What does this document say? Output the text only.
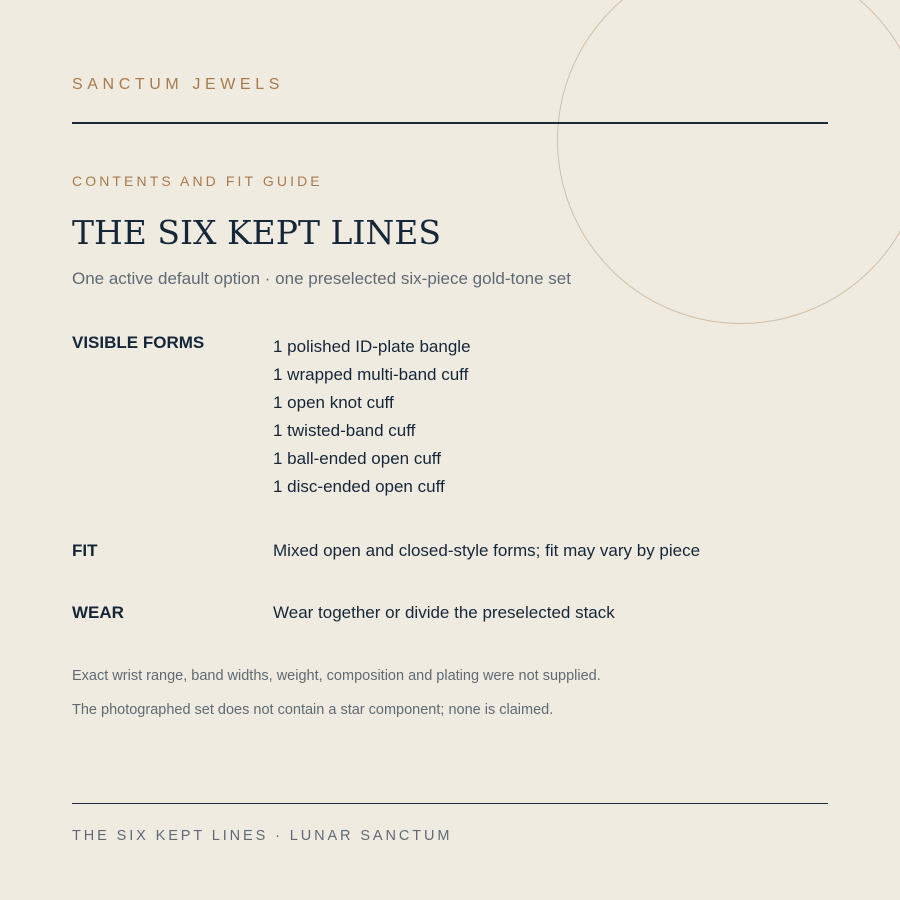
SANCTUM JEWELS
CONTENTS AND FIT GUIDE
THE SIX KEPT LINES
One active default option · one preselected six-piece gold-tone set
VISIBLE FORMS	1 polished ID-plate bangle
1 wrapped multi-band cuff
1 open knot cuff
1 twisted-band cuff
1 ball-ended open cuff
1 disc-ended open cuff
FIT	Mixed open and closed-style forms; fit may vary by piece
WEAR	Wear together or divide the preselected stack
Exact wrist range, band widths, weight, composition and plating were not supplied.
The photographed set does not contain a star component; none is claimed.
THE SIX KEPT LINES · LUNAR SANCTUM
